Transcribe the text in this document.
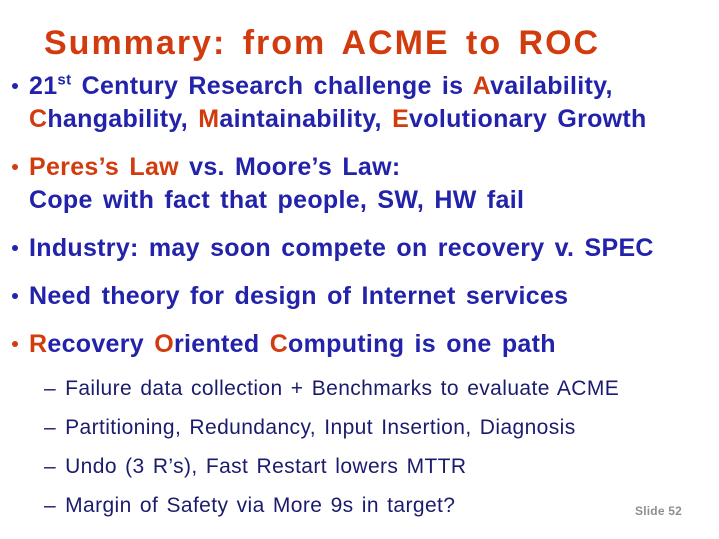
Summary: from ACME to ROC
21st Century Research challenge is Availability,
Changability, Maintainability, Evolutionary Growth
Peres’s Law vs. Moore’s Law:
Cope with fact that people, SW, HW fail
Industry: may soon compete on recovery v. SPEC
Need theory for design of Internet services
Recovery Oriented Computing is one path
– Failure data collection + Benchmarks to evaluate ACME
– Partitioning, Redundancy, Input Insertion, Diagnosis
– Undo (3 R’s), Fast Restart lowers MTTR
– Margin of Safety via More 9s in target?	Slide 52
